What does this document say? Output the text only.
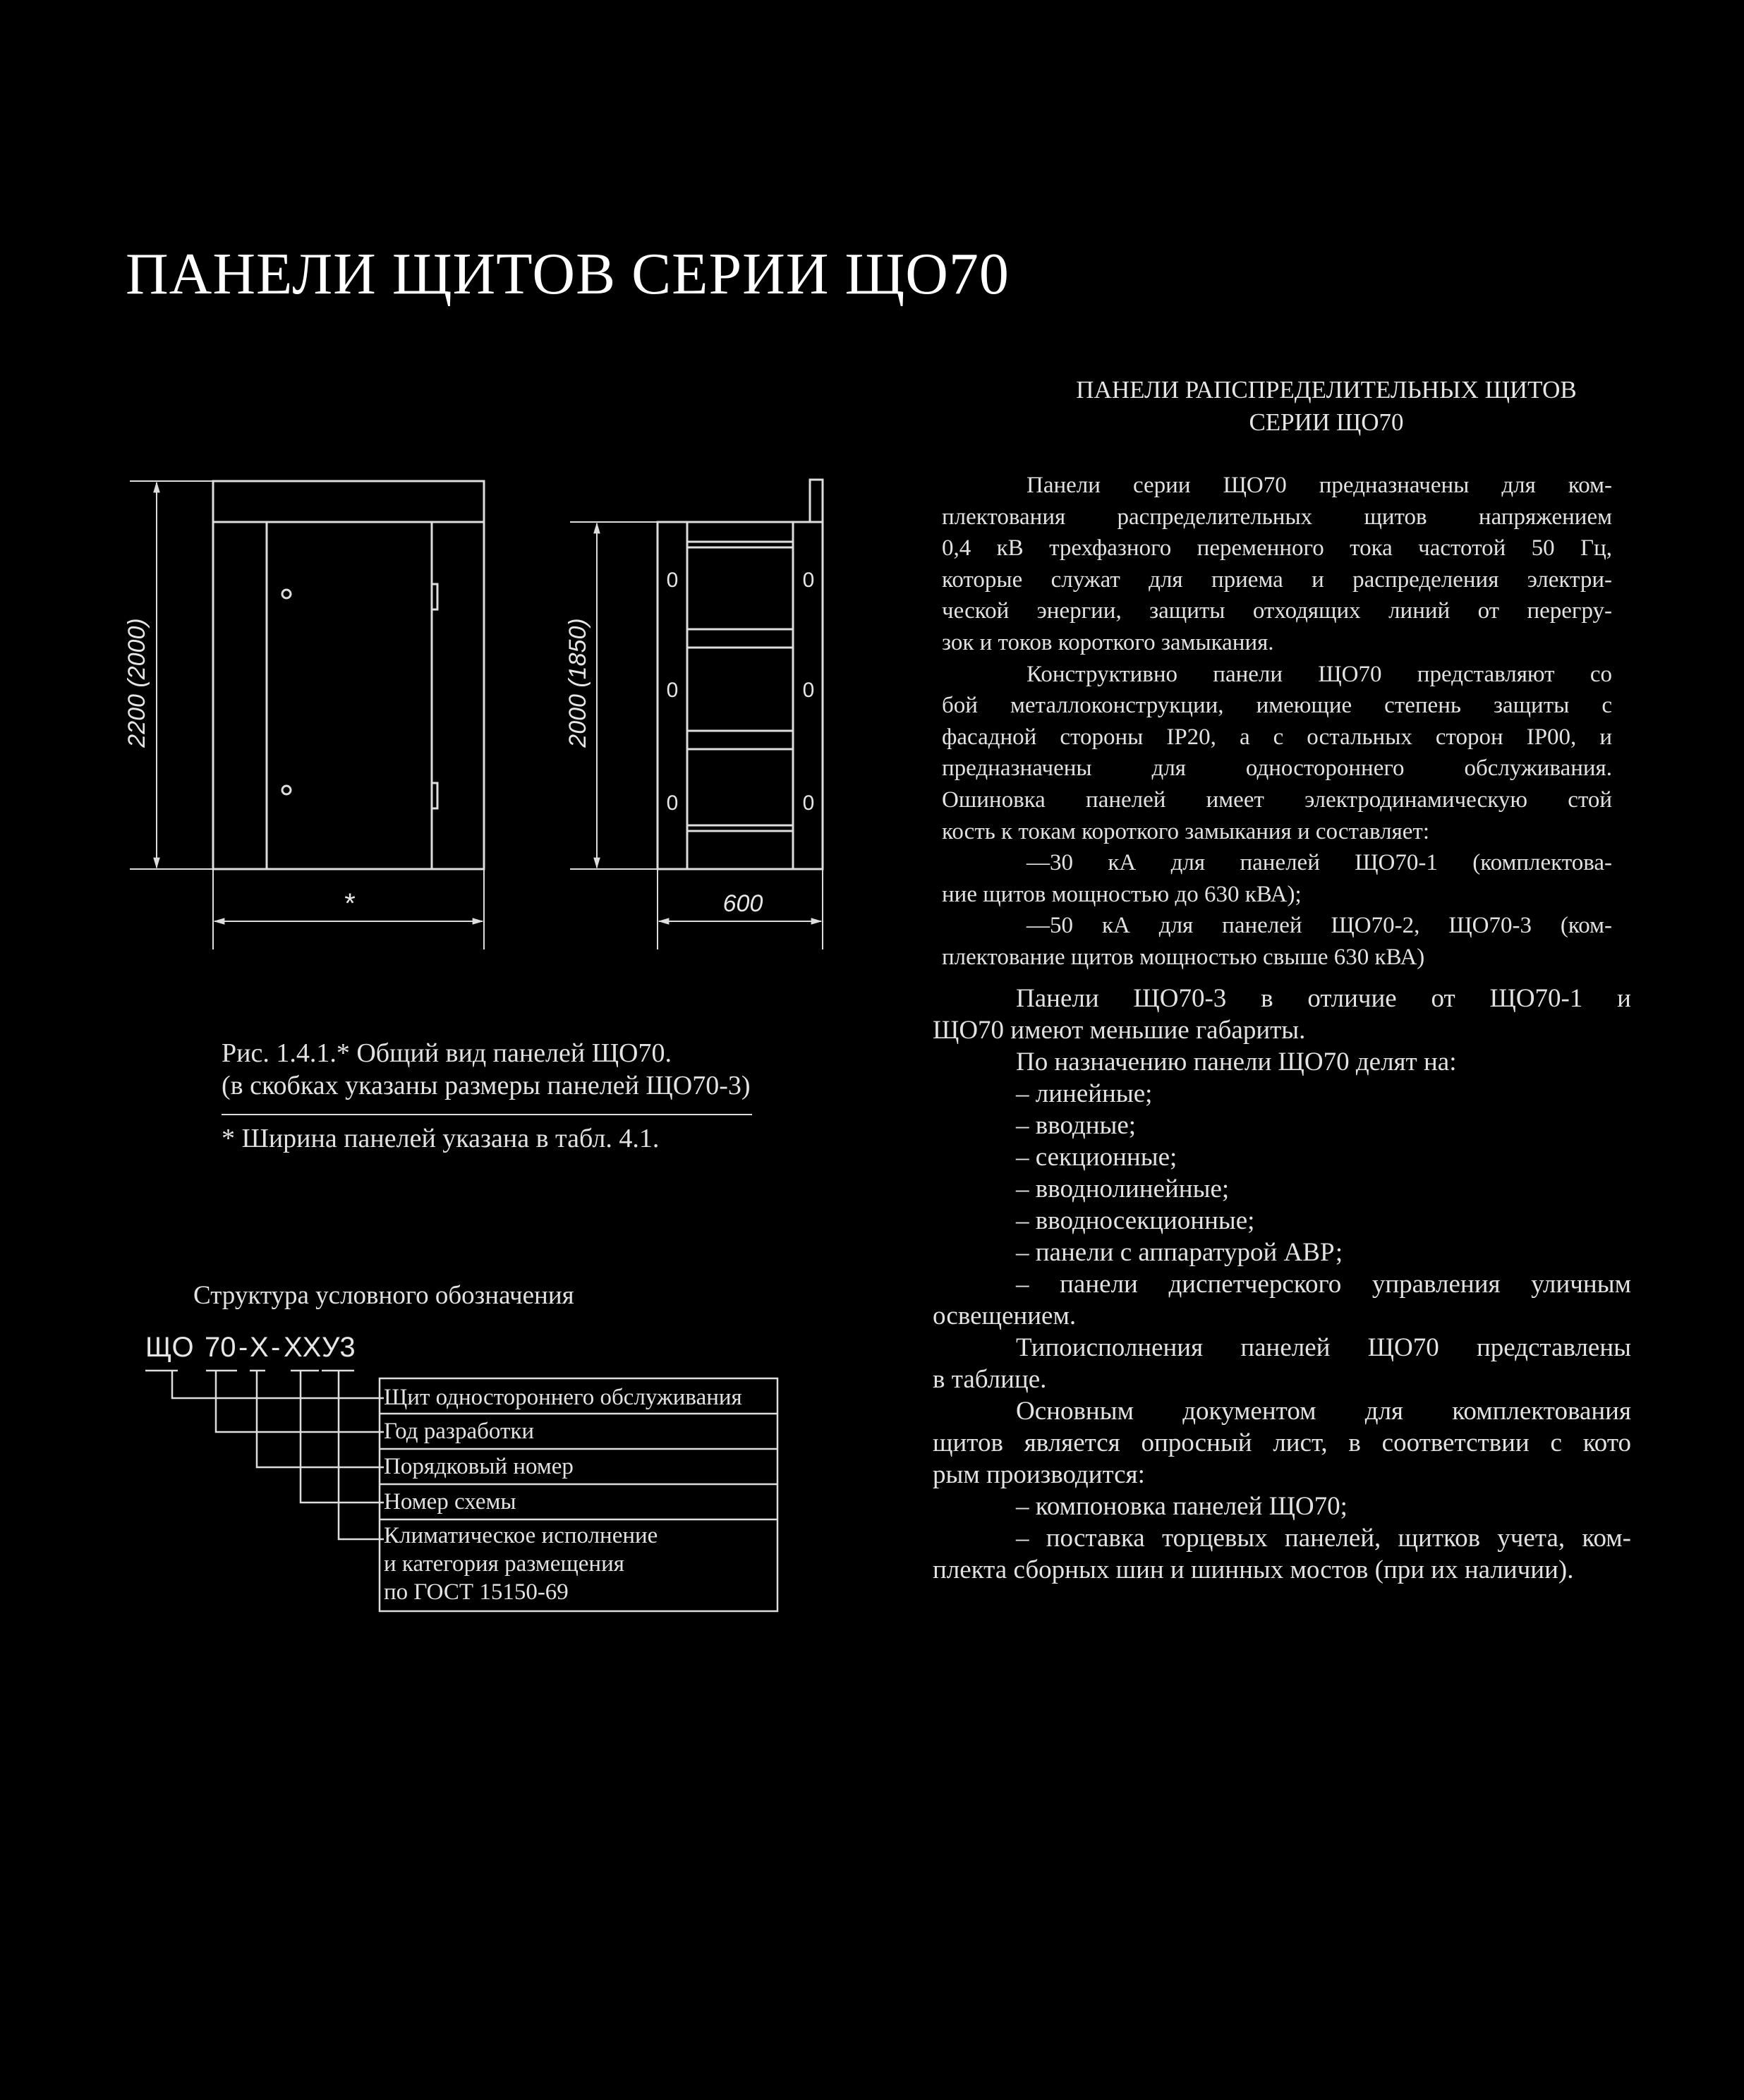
2200 (2000)	2000 (1850)
*	600
0	0
0	0
0	0
ПАНЕЛИ ЩИТОВ СЕРИИ ЩО70
ПАНЕЛИ РАПСПРЕДЕЛИТЕЛЬНЫХ ЩИТОВ
СЕРИИ ЩО70

Панели серии ЩО70 предназначены для ком-

плектования распределительных щитов напряжением

0,4 кВ трехфазного переменного тока частотой 50 Гц,

которые служат для приема и распределения электри-

ческой энергии, защиты отходящих линий от перегру-

зок и токов короткого замыкания.

Конструктивно панели ЩО70 представляют со

бой металлоконструкции, имеющие степень защиты с

фасадной стороны IP20, а с остальных сторон IP00, и

предназначены для одностороннего обслуживания.

Ошиновка панелей имеет электродинамическую стой

кость к токам короткого замыкания и составляет:

—30 кА для панелей ЩО70-1 (комплектова-

ние щитов мощностью до 630 кВА);

—50 кА для панелей ЩО70-2, ЩО70-3 (ком-

плектование щитов мощностью свыше 630 кВА)

Панели ЩО70-3 в отличие от ЩО70-1 и

ЩО70 имеют меньшие габариты.

По назначению панели ЩО70 делят на:

– линейные;

– вводные;

– секционные;

– вводнолинейные;

– вводносекционные;

– панели с аппаратурой АВР;

– панели диспетчерского управления уличным

освещением.

Типоисполнения панелей ЩО70 представлены

в таблице.

Основным документом для комплектования

щитов является опросный лист, в соответствии с кото

рым производится:

– компоновка панелей ЩО70;

– поставка торцевых панелей, щитков учета, ком-

плекта сборных шин и шинных мостов (при их наличии).

Рис. 1.4.1.* Общий вид панелей ЩО70.
(в скобках указаны размеры панелей ЩО70-3)
* Ширина панелей указана в табл. 4.1.
Структура условного обозначения
ЩО 70 - Х - ХХ У3
Щит одностороннего обслуживания
Год разработки
Порядковый номер
Номер схемы
Климатическое исполнение
и категория размещения
по ГОСТ 15150-69
